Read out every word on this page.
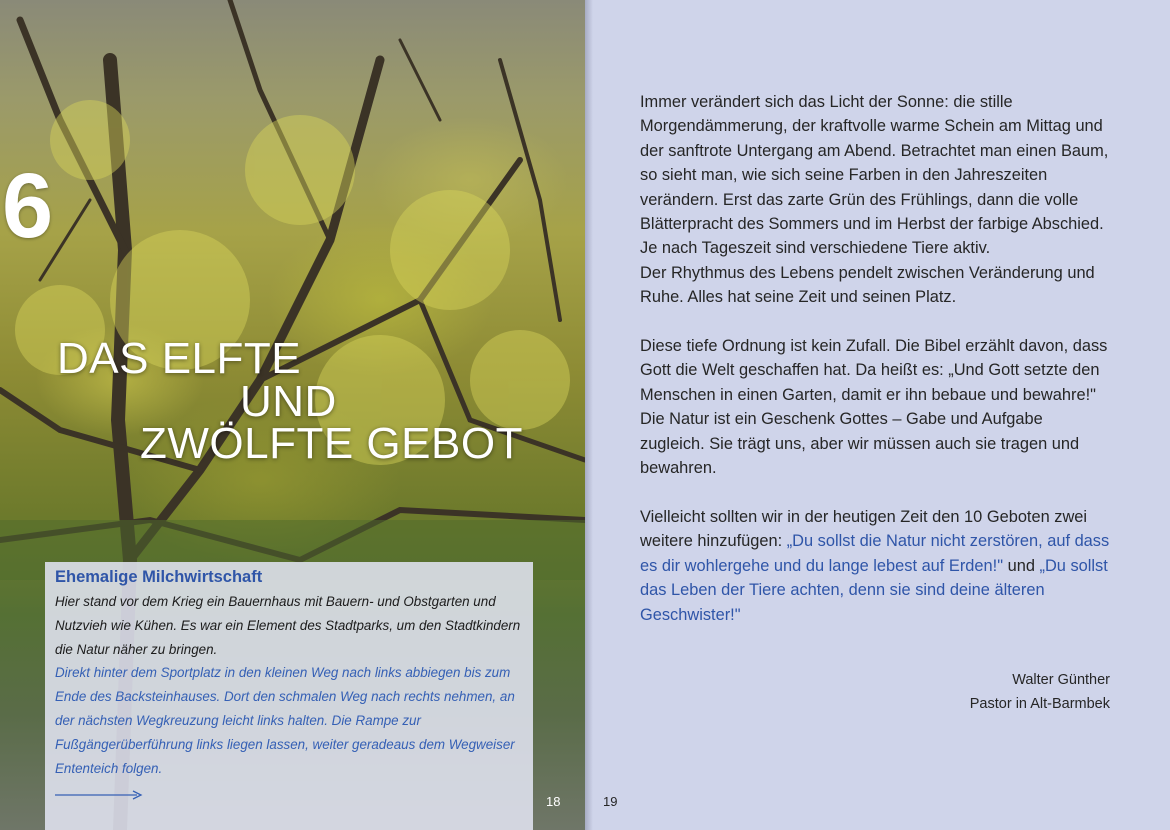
6
DAS ELFTE
UND
ZWÖLFTE GEBOT

Ehemalige Milchwirtschaft

Hier stand vor dem Krieg ein Bauernhaus mit Bauern- und Obstgarten und Nutzvieh wie Kühen. Es war ein Element des Stadtparks, um den Stadtkindern die Natur näher zu bringen.

Direkt hinter dem Sportplatz in den kleinen Weg nach links abbiegen bis zum Ende des Backsteinhauses. Dort den schmalen Weg nach rechts nehmen, an der nächsten Wegkreuzung leicht links halten. Die Rampe zur Fußgängerüberführung links liegen lassen, weiter geradeaus dem Wegweiser Ententeich folgen.

18

Immer verändert sich das Licht der Sonne: die stille Morgendämmerung, der kraftvolle warme Schein am Mittag und der sanftrote Untergang am Abend. Betrachtet man einen Baum, so sieht man, wie sich seine Farben in den Jahreszeiten verändern. Erst das zarte Grün des Frühlings, dann die volle Blätterpracht des Sommers und im Herbst der farbige Abschied. Je nach Tageszeit sind verschiedene Tiere aktiv.

Der Rhythmus des Lebens pendelt zwischen Veränderung und Ruhe. Alles hat seine Zeit und seinen Platz.

Diese tiefe Ordnung ist kein Zufall. Die Bibel erzählt davon, dass Gott die Welt geschaffen hat. Da heißt es: „Und Gott setzte den Menschen in einen Garten, damit er ihn bebaue und bewahre!" Die Natur ist ein Geschenk Gottes – Gabe und Aufgabe zugleich. Sie trägt uns, aber wir müssen auch sie tragen und bewahren.

Vielleicht sollten wir in der heutigen Zeit den 10 Geboten zwei weitere hinzufügen: „Du sollst die Natur nicht zerstören, auf dass es dir wohlergehe und du lange lebest auf Erden!" und „Du sollst das Leben der Tiere achten, denn sie sind deine älteren Geschwister!"

Walter Günther
Pastor in Alt-Barmbek
19
